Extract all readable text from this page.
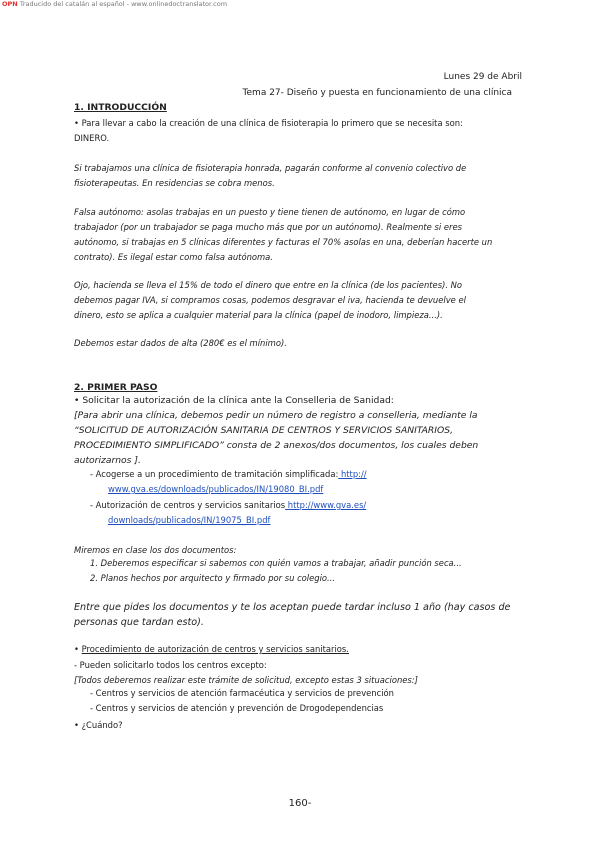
OPN Traducido del catalán al español - www.onlinedoctranslator.com
Lunes 29 de Abril
Tema 27- Diseño y puesta en funcionamiento de una clínica
1. INTRODUCCIÓN
• Para llevar a cabo la creación de una clínica de fisioterapia lo primero que se necesita son:
DINERO.
Si trabajamos una clínica de fisioterapia honrada, pagarán conforme al convenio colectivo de
fisioterapeutas. En residencias se cobra menos.
Falsa autónomo: asolas trabajas en un puesto y tiene tienen de autónomo, en lugar de cómo
trabajador (por un trabajador se paga mucho más que por un autónomo). Realmente si eres
autónomo, si trabajas en 5 clínicas diferentes y facturas el 70% asolas en una, deberían hacerte un
contrato). Es ilegal estar como falsa autónoma.
Ojo, hacienda se lleva el 15% de todo el dinero que entre en la clínica (de los pacientes). No
debemos pagar IVA, si compramos cosas, podemos desgravar el iva, hacienda te devuelve el
dinero, esto se aplica a cualquier material para la clínica (papel de inodoro, limpieza...).
Debemos estar dados de alta (280€ es el mínimo).
2. PRIMER PASO
• Solicitar la autorización de la clínica ante la Conselleria de Sanidad:
[Para abrir una clínica, debemos pedir un número de registro a conselleria, mediante la
“SOLICITUD DE AUTORIZACIÓN SANITARIA DE CENTROS Y SERVICIOS SANITARIOS,
PROCEDIMIENTO SIMPLIFICADO” consta de 2 anexos/dos documentos, los cuales deben
autorizarnos ].
- Acogerse a un procedimiento de tramitación simplificada: http://
www.gva.es/downloads/publicados/IN/19080_BI.pdf
- Autorización de centros y servicios sanitarios http://www.gva.es/
downloads/publicados/IN/19075_BI.pdf
Miremos en clase los dos documentos:
1. Deberemos especificar si sabemos con quién vamos a trabajar, añadir punción seca...
2. Planos hechos por arquitecto y firmado por su colegio...
Entre que pides los documentos y te los aceptan puede tardar incluso 1 año (hay casos de
personas que tardan esto).
• Procedimiento de autorización de centros y servicios sanitarios.
- Pueden solicitarlo todos los centros excepto:
[Todos deberemos realizar este trámite de solicitud, excepto estas 3 situaciones:]
- Centros y servicios de atención farmacéutica y servicios de prevención
- Centros y servicios de atención y prevención de Drogodependencias
• ¿Cuándo?
160-
